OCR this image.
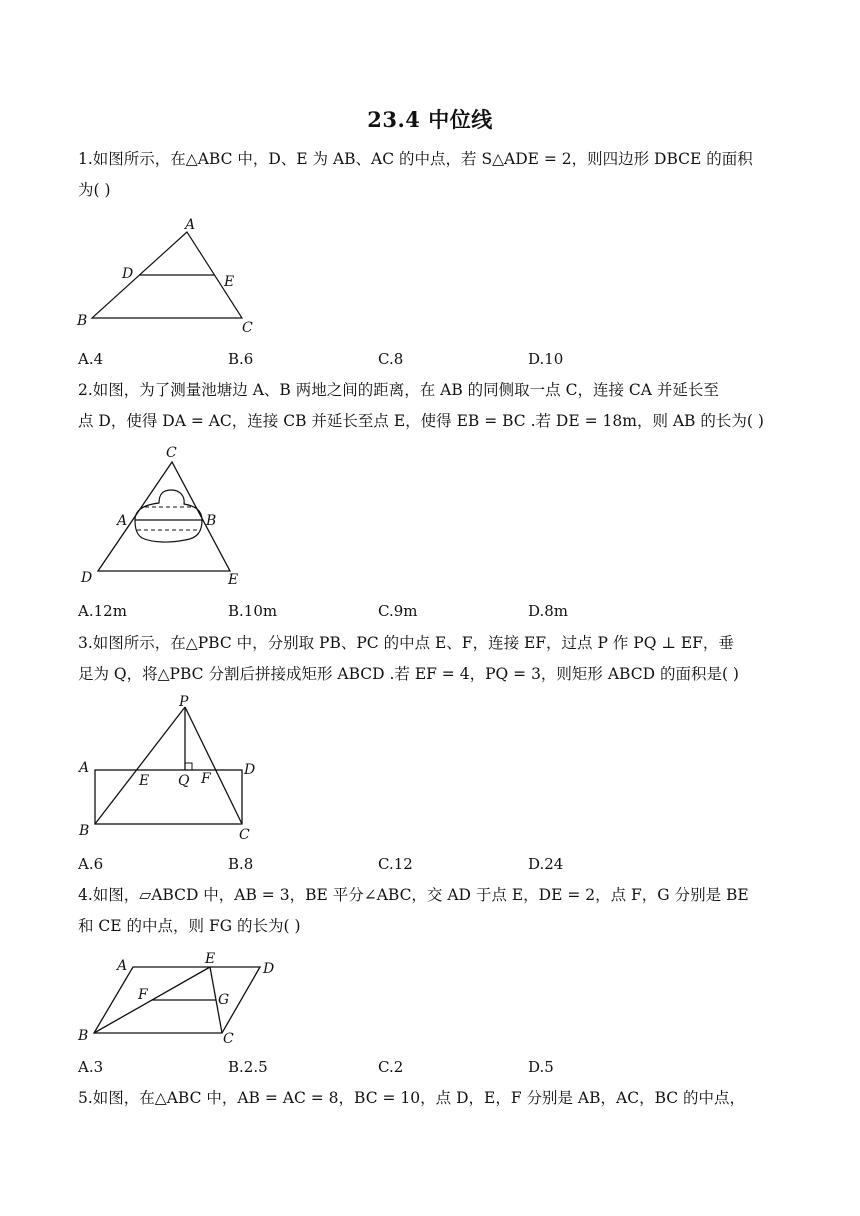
23.4 中位线
1.如图所示，在△ABC 中，D、E 为 AB、AC 的中点，若 S△ADE = 2，则四边形 DBCE 的面积
为( )
A
D	E
B	C
A.4	B.6	C.8	D.10
2.如图，为了测量池塘边 A、B 两地之间的距离，在 AB 的同侧取一点 C，连接 CA 并延长至
点 D，使得 DA = AC，连接 CB 并延长至点 E，使得 EB = BC .若 DE = 18m，则 AB 的长为( )
C
A	B
D	E
A.12m	B.10m	C.9m	D.8m
3.如图所示，在△PBC 中，分别取 PB、PC 的中点 E、F，连接 EF，过点 P 作 PQ ⊥ EF，垂
足为 Q，将△PBC 分割后拼接成矩形 ABCD .若 EF = 4，PQ = 3，则矩形 ABCD 的面积是( )
P
A
E Q F
D
B	C
A.6	B.8	C.12	D.24
4.如图，▱ABCD 中，AB = 3，BE 平分∠ABC，交 AD 于点 E，DE = 2，点 F，G 分别是 BE
和 CE 的中点，则 FG 的长为( )
A	E
D
F	G
B	C
A.3	B.2.5	C.2	D.5
5.如图，在△ABC 中，AB = AC = 8，BC = 10，点 D，E，F 分别是 AB，AC，BC 的中点，
